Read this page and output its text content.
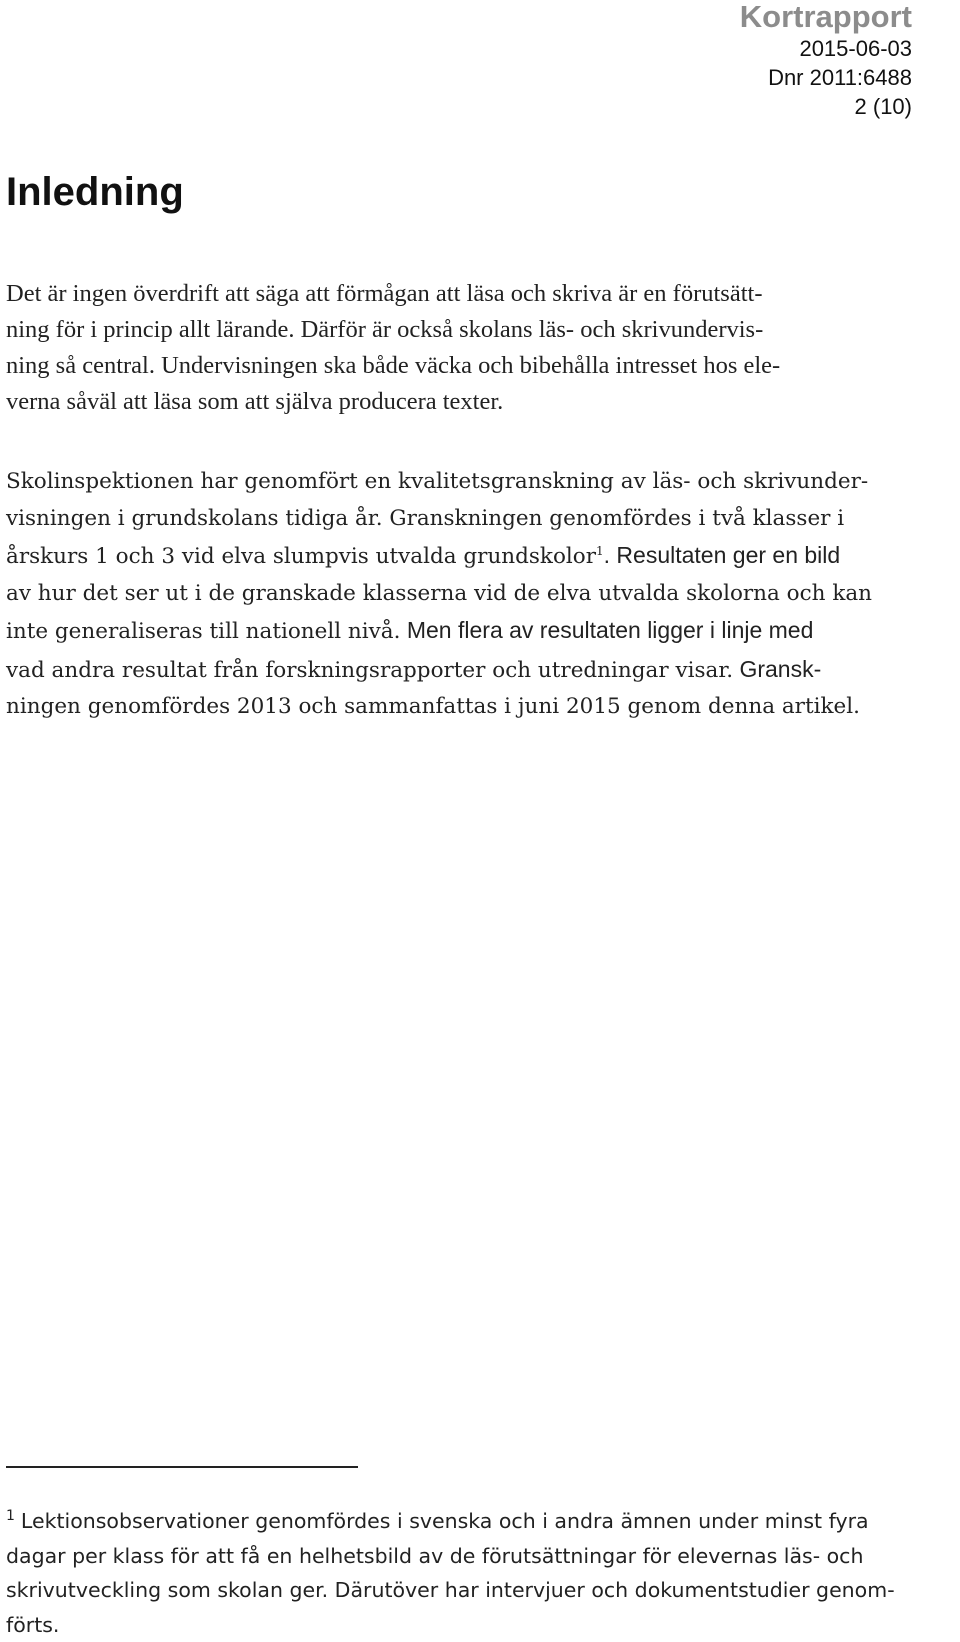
Kortrapport
2015-06-03
Dnr 2011:6488
2 (10)
Inledning
Det är ingen överdrift att säga att förmågan att läsa och skriva är en förutsätt-
ning för i princip allt lärande. Därför är också skolans läs- och skrivundervis-
ning så central. Undervisningen ska både väcka och bibehålla intresset hos ele-
verna såväl att läsa som att själva producera texter.
Skolinspektionen har genomfört en kvalitetsgranskning av läs- och skrivunder-
visningen i grundskolans tidiga år. Granskningen genomfördes i två klasser i
årskurs 1 och 3 vid elva slumpvis utvalda grundskolor$^1$. Resultaten ger en bild
av hur det ser ut i de granskade klasserna vid de elva utvalda skolorna och kan
inte generaliseras till nationell nivå. Men flera av resultaten ligger i linje med
vad andra resultat från forskningsrapporter och utredningar visar. Gransk-
ningen genomfördes 2013 och sammanfattas i juni 2015 genom denna artikel.
$^1$ Lektionsobservationer genomfördes i svenska och i andra ämnen under minst fyra
dagar per klass för att få en helhetsbild av de förutsättningar för elevernas läs- och
skrivutveckling som skolan ger. Därutöver har intervjuer och dokumentstudier genom-
förts.
